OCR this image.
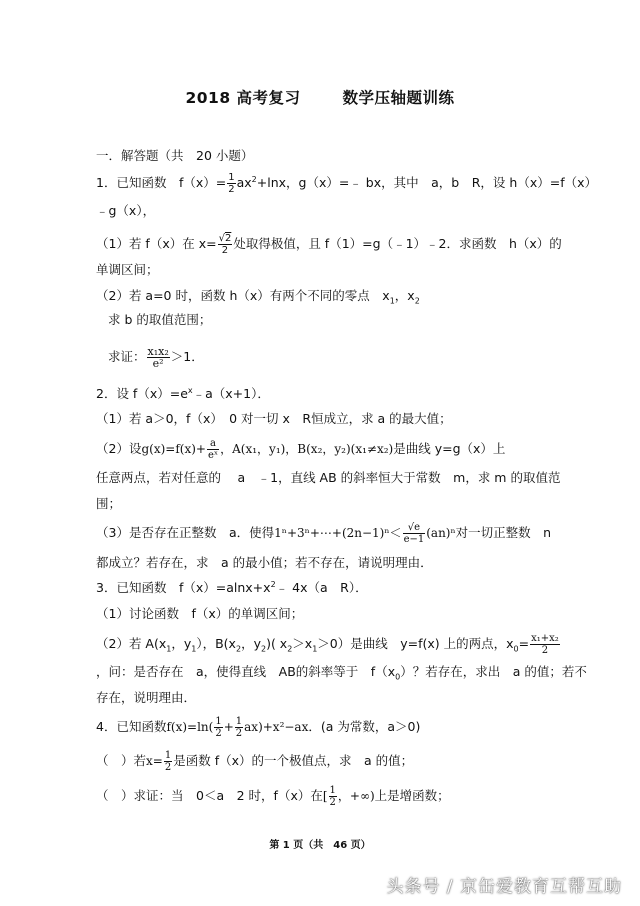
2018 高考复习	数学压轴题训练
一．解答题（共　20 小题）
1．已知函数　$f(x)= \frac{1}{2} ax^2+\ln x$，g（x）=﹣ bx，其中　a，b　R，设 h（x）=f（x）
﹣g（x），
（1）若 f（x）在 $x= \frac{√2}{2}$ 处取得极值，且 f（1）=g（﹣1）﹣2．求函数　h（x）的
单调区间；
（2）若 a=0 时，函数 h（x）有两个不同的零点　$x_1$，$x_2$
求 b 的取值范围；
求证： $\frac{\text{x₁x₂}}{\text{e²}} >1$．
2．设 $f(x)=e^x﹣a(x+1)$．
（1）若 a＞0，f（x）　0 对一切 x　R恒成立，求 a 的最大值；
（2）设$g(x)=f(x)+ \frac{a}{\text{eˣ}}$ ，A(x₁，y₁)，B(x₂，y₂)(x₁≠x₂)是曲线 y=g（x）上
任意两点，若对任意的　 a　﹣1，直线 AB 的斜率恒大于常数　m，求 m 的取值范
围；
（3）是否存在正整数　a．使得1ⁿ+3ⁿ+⋯+(2n−1)ⁿ＜ $\frac{√e}{e-1} (an)^n$对一切正整数　n
都成立？若存在，求　a 的最小值；若不存在，请说明理由．
3．已知函数　$f(x)=alnx+x^2﹣$ 4x（a　R）．
（1）讨论函数　f（x）的单调区间；
（2）若 $A(x_1$，$y_1$），$B(x_2$，$y_2$)( $x_2>x_1>0$）是曲线　y=f(x) 上的两点，$x_0= \frac{\text{x₁+x₂}}{2}$
，问：是否存在　a，使得直线　AB的斜率等于　$f(x_0)$？若存在，求出　a 的值；若不
存在，说明理由．
4．已知函数$f(x)=\ln( \frac{1}{2} + \frac{1}{2} ax)+x^2-ax$．(a 为常数，a＞0)
（　）若$x= \frac{1}{2}$ 是函数 f（x）的一个极值点，求　a 的值；
（　）求证：当　0＜a　2 时，f（x）在[ $\frac{1}{2}$ ，+∞)上是增函数；
第 1 页（共　46 页）
头条号 / 京缶爱教育互帮互助
